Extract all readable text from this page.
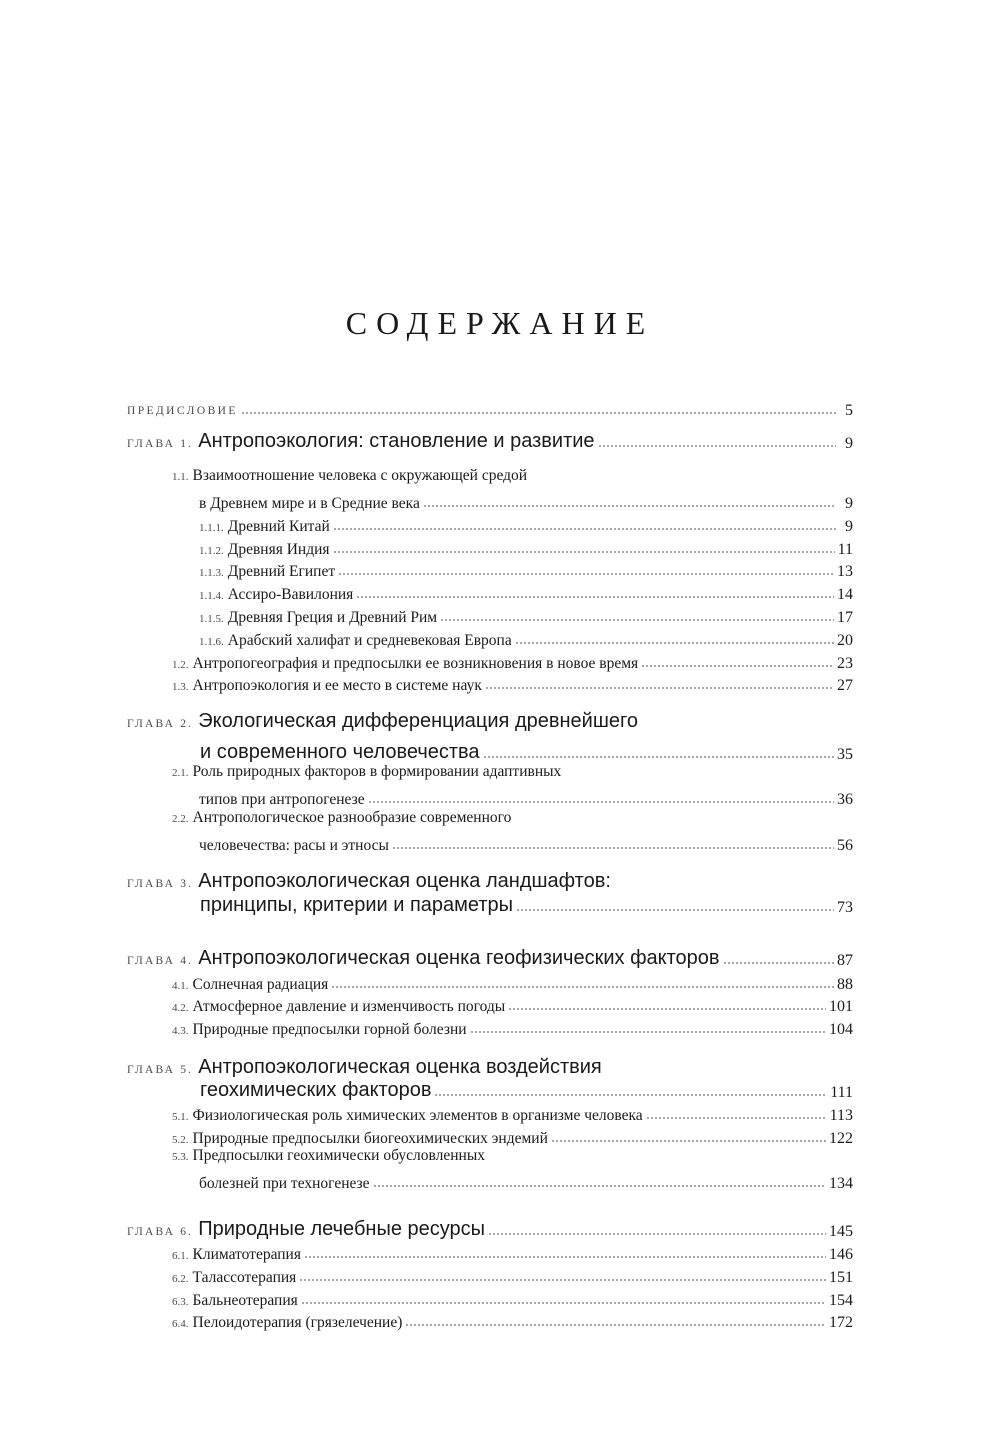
СОДЕРЖАНИЕ
ПРЕДИСЛОВИЕ	5
ГЛАВА 1. Антропоэкология: становление и развитие	9
1.1. Взаимоотношение человека с окружающей средой
в Древнем мире и в Средние века	9
1.1.1. Древний Китай	9
1.1.2. Древняя Индия	11
1.1.3. Древний Египет	13
1.1.4. Ассиро-Вавилония	14
1.1.5. Древняя Греция и Древний Рим	17
1.1.6. Арабский халифат и средневековая Европа	20
1.2. Антропогеография и предпосылки ее возникновения в новое время	23
1.3. Антропоэкология и ее место в системе наук	27
ГЛАВА 2. Экологическая дифференциация древнейшего
и современного человечества	35
2.1. Роль природных факторов в формировании адаптивных
типов при антропогенезе	36
2.2. Антропологическое разнообразие современного
человечества: расы и этносы	56
ГЛАВА 3. Антропоэкологическая оценка ландшафтов:
принципы, критерии и параметры	73
ГЛАВА 4. Антропоэкологическая оценка геофизических факторов	87
4.1. Солнечная радиация	88
4.2. Атмосферное давление и изменчивость погоды	101
4.3. Природные предпосылки горной болезни	104
ГЛАВА 5. Антропоэкологическая оценка воздействия
геохимических факторов	111
5.1. Физиологическая роль химических элементов в организме человека	113
5.2. Природные предпосылки биогеохимических эндемий	122
5.3. Предпосылки геохимически обусловленных
болезней при техногенезе	134
ГЛАВА 6. Природные лечебные ресурсы	145
6.1. Климатотерапия	146
6.2. Талассотерапия	151
6.3. Бальнеотерапия	154
6.4. Пелоидотерапия (грязелечение)	172
